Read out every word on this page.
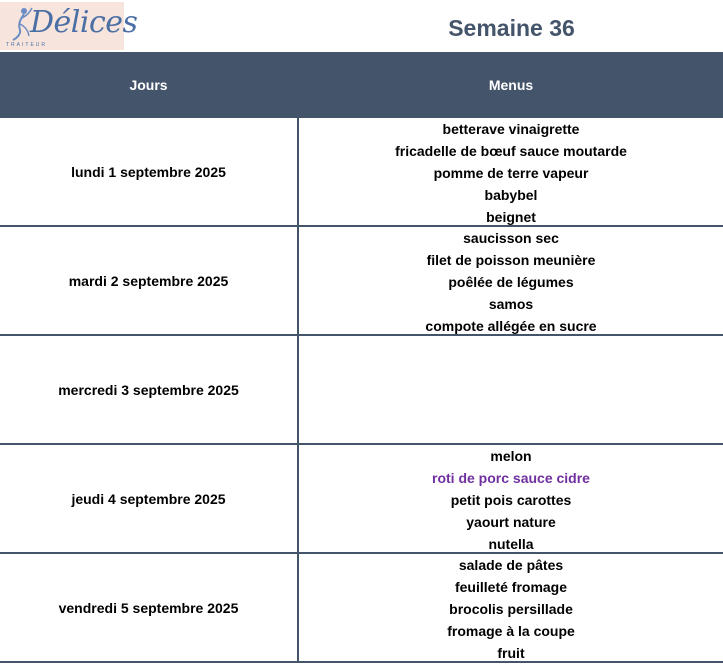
Délices
TRAITEUR
Semaine 36
Jours	Menus
vendredi 5 septembre 2025
salade de pâtes
feuilleté fromage
brocolis persillade
fromage à la coupe
fruit
jeudi 4 septembre 2025
melon
roti de porc sauce cidre
petit pois carottes
yaourt nature
nutella
mercredi 3 septembre 2025
mardi 2 septembre 2025
saucisson sec
filet de poisson meunière
poêlée de légumes
samos
compote allégée en sucre
lundi 1 septembre 2025
betterave vinaigrette
fricadelle de bœuf sauce moutarde
pomme de terre vapeur
babybel
beignet
